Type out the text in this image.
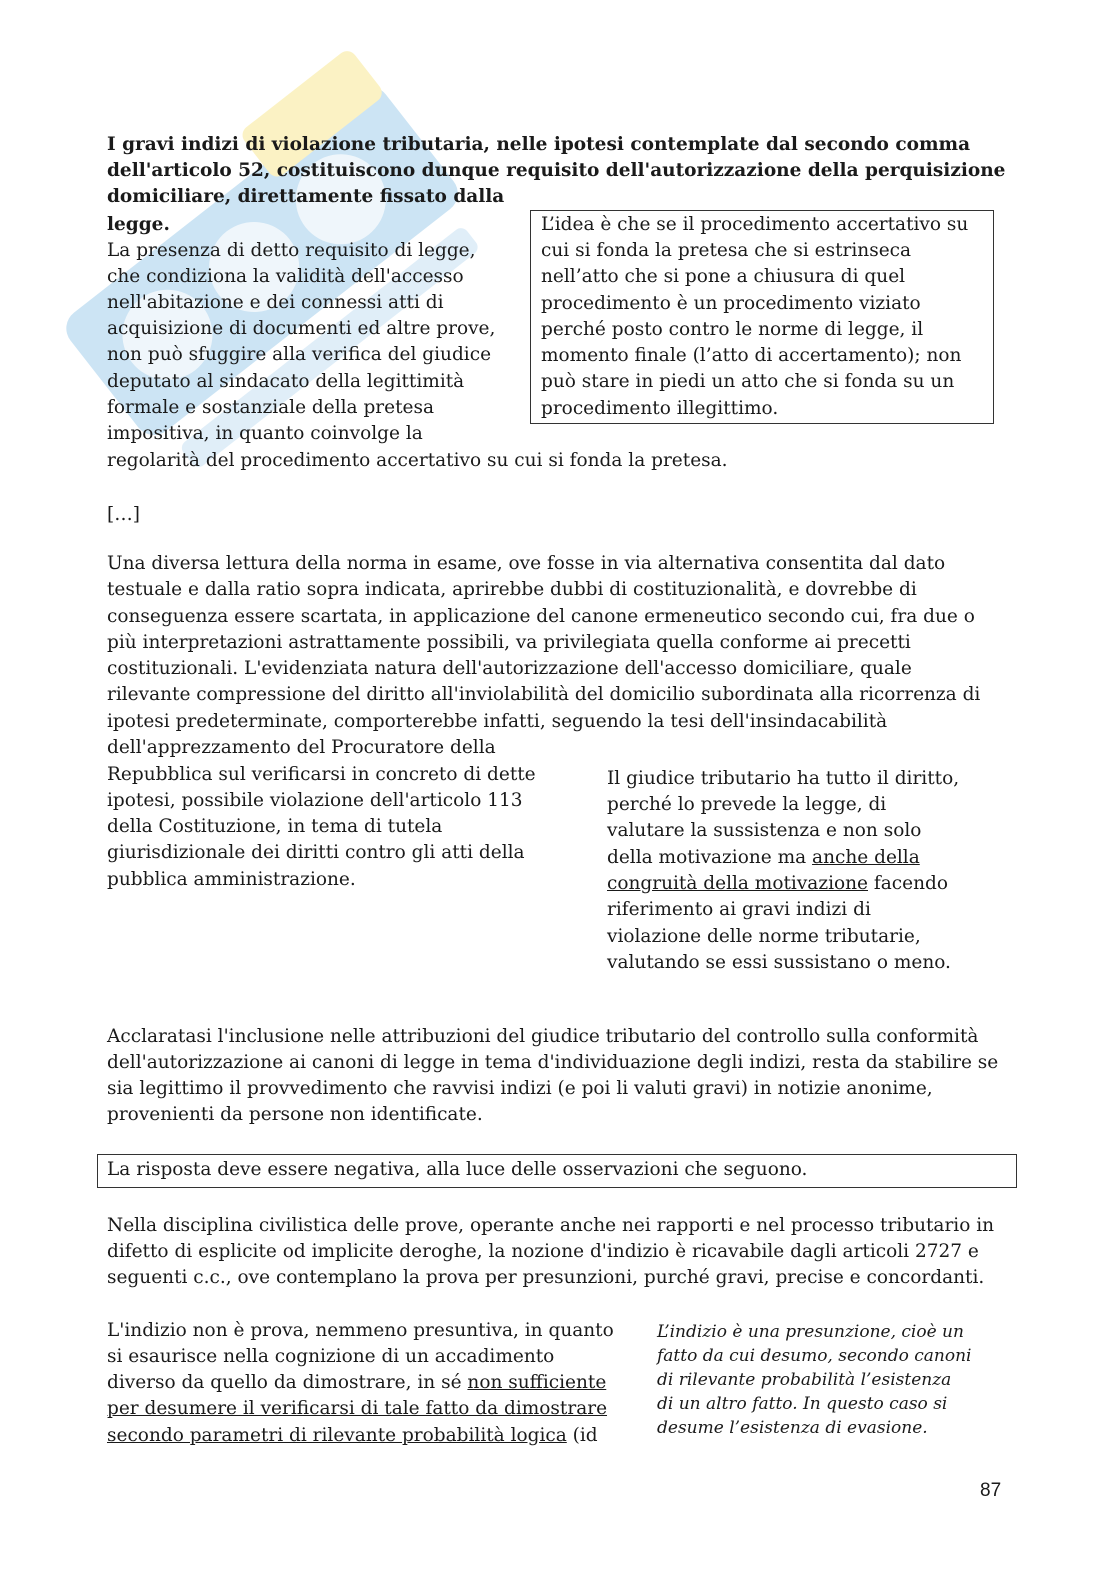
I gravi indizi di violazione tributaria, nelle ipotesi contemplate dal secondo comma

dell'articolo 52, costituiscono dunque requisito dell'autorizzazione della perquisizione

domiciliare, direttamente fissato dalla

legge.

La presenza di detto requisito di legge,

che condiziona la validità dell'accesso

nell'abitazione e dei connessi atti di

acquisizione di documenti ed altre prove,

non può sfuggire alla verifica del giudice

deputato al sindacato della legittimità

formale e sostanziale della pretesa

impositiva, in quanto coinvolge la

regolarità del procedimento accertativo su cui si fonda la pretesa.

L’idea è che se il procedimento accertativo su

cui si fonda la pretesa che si estrinseca

nell’atto che si pone a chiusura di quel

procedimento è un procedimento viziato

perché posto contro le norme di legge, il

momento finale (l’atto di accertamento); non

può stare in piedi un atto che si fonda su un

procedimento illegittimo.

[…]

Una diversa lettura della norma in esame, ove fosse in via alternativa consentita dal dato

testuale e dalla ratio sopra indicata, aprirebbe dubbi di costituzionalità, e dovrebbe di

conseguenza essere scartata, in applicazione del canone ermeneutico secondo cui, fra due o

più interpretazioni astrattamente possibili, va privilegiata quella conforme ai precetti

costituzionali. L'evidenziata natura dell'autorizzazione dell'accesso domiciliare, quale

rilevante compressione del diritto all'inviolabilità del domicilio subordinata alla ricorrenza di

ipotesi predeterminate, comporterebbe infatti, seguendo la tesi dell'insindacabilità

dell'apprezzamento del Procuratore della

Repubblica sul verificarsi in concreto di dette

ipotesi, possibile violazione dell'articolo 113

della Costituzione, in tema di tutela

giurisdizionale dei diritti contro gli atti della

pubblica amministrazione.

Il giudice tributario ha tutto il diritto,

perché lo prevede la legge, di

valutare la sussistenza e non solo

della motivazione ma anche della

congruità della motivazione facendo

riferimento ai gravi indizi di

violazione delle norme tributarie,

valutando se essi sussistano o meno.

Acclaratasi l'inclusione nelle attribuzioni del giudice tributario del controllo sulla conformità

dell'autorizzazione ai canoni di legge in tema d'individuazione degli indizi, resta da stabilire se

sia legittimo il provvedimento che ravvisi indizi (e poi li valuti gravi) in notizie anonime,

provenienti da persone non identificate.

La risposta deve essere negativa, alla luce delle osservazioni che seguono.

Nella disciplina civilistica delle prove, operante anche nei rapporti e nel processo tributario in

difetto di esplicite od implicite deroghe, la nozione d'indizio è ricavabile dagli articoli 2727 e

seguenti c.c., ove contemplano la prova per presunzioni, purché gravi, precise e concordanti.

L'indizio non è prova, nemmeno presuntiva, in quanto

si esaurisce nella cognizione di un accadimento

diverso da quello da dimostrare, in sé non sufficiente

per desumere il verificarsi di tale fatto da dimostrare

secondo parametri di rilevante probabilità logica (id

L’indizio è una presunzione, cioè un

fatto da cui desumo, secondo canoni

di rilevante probabilità l’esistenza

di un altro fatto. In questo caso si

desume l’esistenza di evasione.

87
